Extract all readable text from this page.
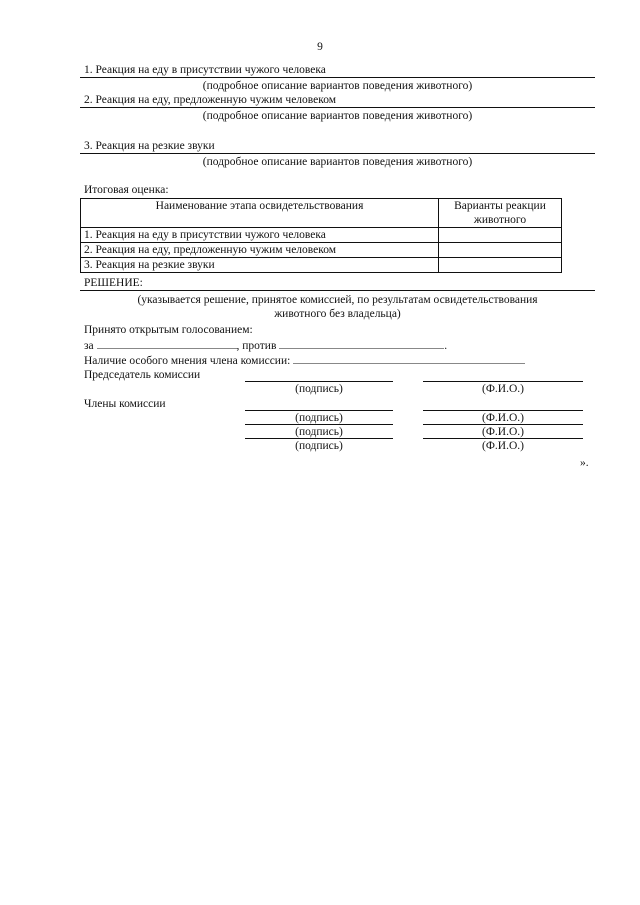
9
1. Реакция на еду в присутствии чужого человека
(подробное описание вариантов поведения животного)
2. Реакция на еду, предложенную чужим человеком
(подробное описание вариантов поведения животного)
3. Реакция на резкие звуки
(подробное описание вариантов поведения животного)
Итоговая оценка:
Наименование этапа освидетельствования	Варианты реакции животного
1. Реакция на еду в присутствии чужого человека	
2. Реакция на еду, предложенную чужим человеком	
3. Реакция на резкие звуки	
РЕШЕНИЕ:
(указывается решение, принятое комиссией, по результатам освидетельствования
животного без владельца)
Принято открытым голосованием:
за	, против	.
Наличие особого мнения члена комиссии:
Председатель комиссии
(подпись)	(Ф.И.О.)
Члены комиссии
(подпись)	(Ф.И.О.)
(подпись)	(Ф.И.О.)
(подпись)	(Ф.И.О.)
».
